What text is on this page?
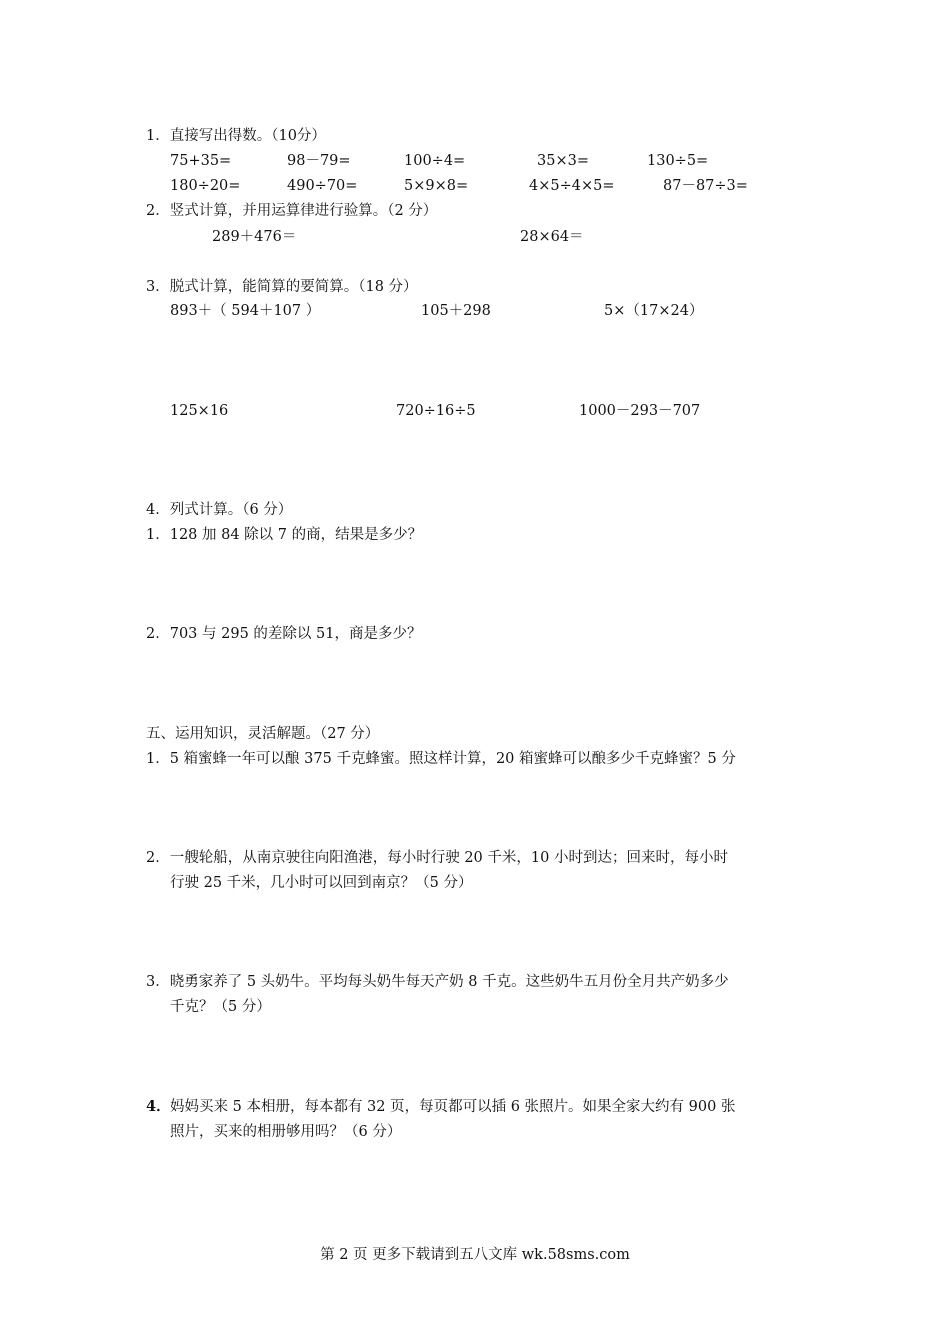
1．直接写出得数。（10分）
75+35=	98－79=	100÷4=	35×3=	130÷5=
180÷20=	490÷70=	5×9×8=	4×5÷4×5=	87－87÷3=
2．竖式计算，并用运算律进行验算。（2 分）
289＋476＝	28×64＝
3．脱式计算，能简算的要简算。（18 分）
893＋（ 594＋107 ）	105＋298	5×（17×24）
125×16	720÷16÷5	1000－293－707
4．列式计算。（6 分）
1．128 加 84 除以 7 的商，结果是多少？
2．703 与 295 的差除以 51，商是多少？
五、运用知识，灵活解题。（27 分）
1．5 箱蜜蜂一年可以酿 375 千克蜂蜜。照这样计算，20 箱蜜蜂可以酿多少千克蜂蜜？5 分
2．一艘轮船，从南京驶往向阳渔港，每小时行驶 20 千米，10 小时到达；回来时，每小时
行驶 25 千米，几小时可以回到南京？（5 分）
3．晓勇家养了 5 头奶牛。平均每头奶牛每天产奶 8 千克。这些奶牛五月份全月共产奶多少
千克？（5 分）
4． 妈妈买来 5 本相册，每本都有 32 页，每页都可以插 6 张照片。如果全家大约有 900 张
照片，买来的相册够用吗？（6 分）
第 2 页 更多下载请到五八文库 wk.58sms.com
